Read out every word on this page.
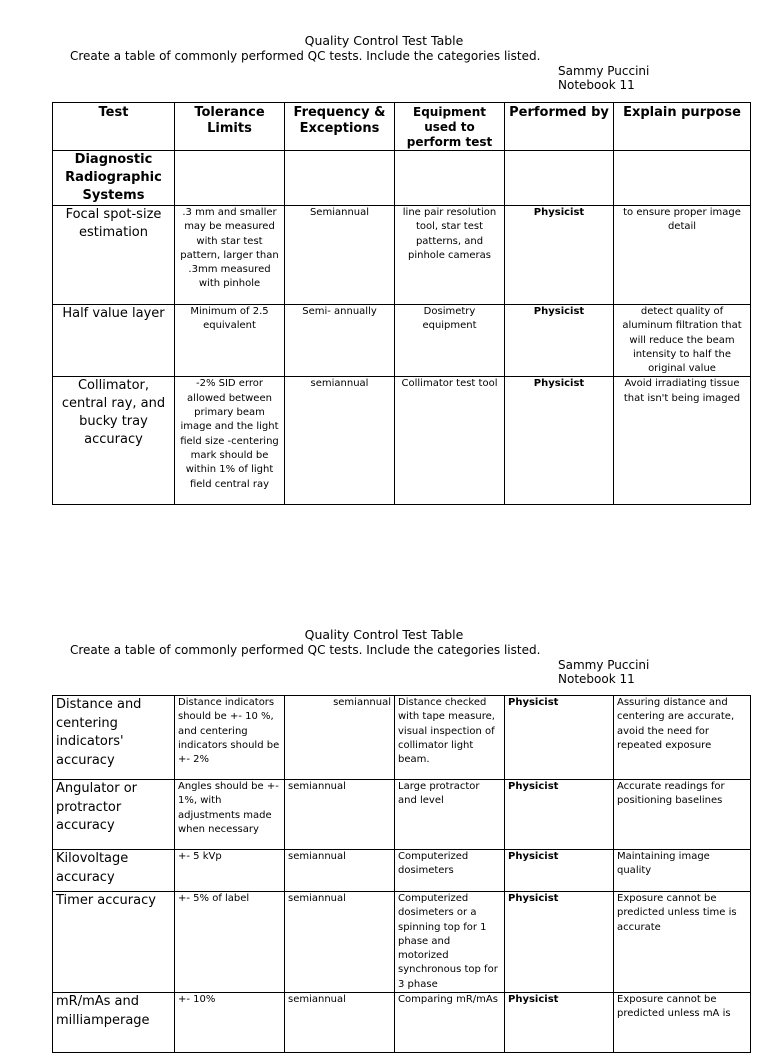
Quality Control Test Table
Create a table of commonly performed QC tests. Include the categories listed.
Sammy Puccini
Notebook 11
Test	Tolerance Limits	Frequency & Exceptions	Equipment used to perform test	Performed by	Explain purpose
Diagnostic Radiographic Systems					
Focal spot-size estimation	.3 mm and smaller may be measured with star test pattern, larger than .3mm measured with pinhole	Semiannual	line pair resolution tool, star test patterns, and pinhole cameras	Physicist	to ensure proper image detail
Half value layer	Minimum of 2.5 equivalent	Semi- annually	Dosimetry equipment	Physicist	detect quality of aluminum filtration that will reduce the beam intensity to half the original value
Collimator, central ray, and bucky tray accuracy	-2% SID error allowed between primary beam image and the light field size -centering mark should be within 1% of light field central ray	semiannual	Collimator test tool	Physicist	Avoid irradiating tissue that isn't being imaged
Quality Control Test Table
Create a table of commonly performed QC tests. Include the categories listed.
Sammy Puccini
Notebook 11
Distance and centering indicators' accuracy	Distance indicators should be +- 10 %, and centering indicators should be +- 2%	semiannual	Distance checked with tape measure, visual inspection of collimator light beam.	Physicist	Assuring distance and centering are accurate, avoid the need for repeated exposure
Angulator or protractor accuracy	Angles should be +- 1%, with adjustments made when necessary	semiannual	Large protractor and level	Physicist	Accurate readings for positioning baselines
Kilovoltage accuracy	+- 5 kVp	semiannual	Computerized dosimeters	Physicist	Maintaining image quality
Timer accuracy	+- 5% of label	semiannual	Computerized dosimeters or a spinning top for 1 phase and motorized synchronous top for 3 phase	Physicist	Exposure cannot be predicted unless time is accurate
mR/mAs and milliamperage	+- 10%	semiannual	Comparing mR/mAs	Physicist	Exposure cannot be predicted unless mA is
